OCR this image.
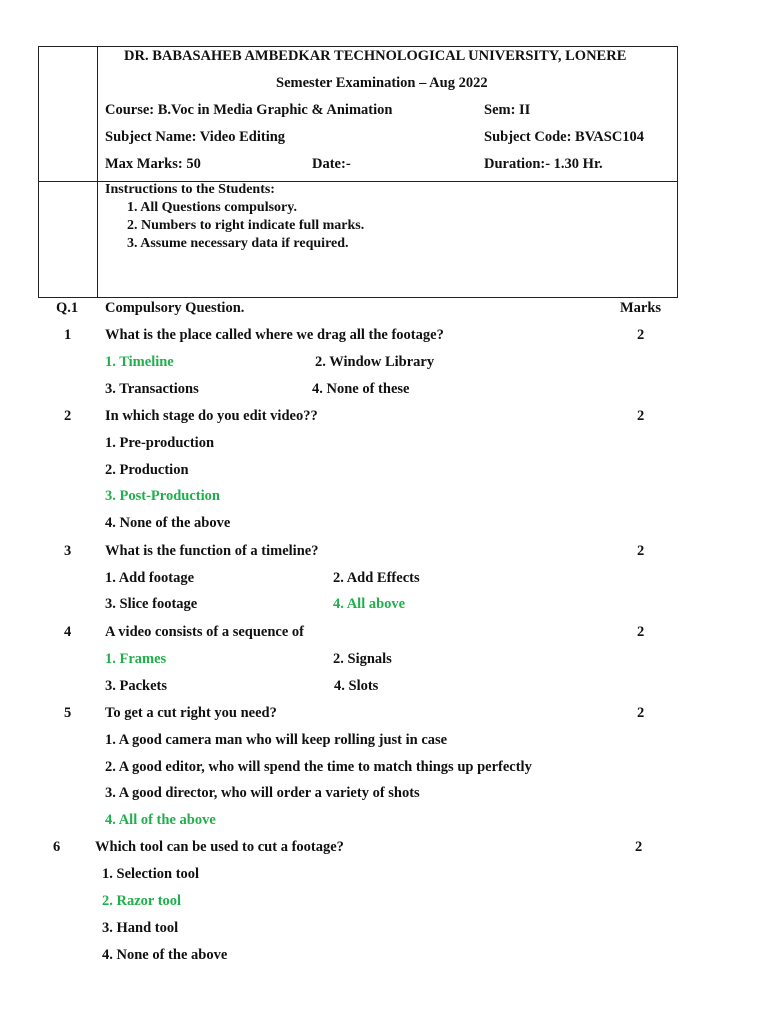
DR. BABASAHEB AMBEDKAR TECHNOLOGICAL UNIVERSITY, LONERE
Semester Examination – Aug 2022
Course: B.Voc in Media Graphic & Animation	Sem: II
Subject Name: Video Editing	Subject Code: BVASC104
Max Marks: 50	Date:-	Duration:- 1.30 Hr.
Instructions to the Students:
1. All Questions compulsory.
2. Numbers to right indicate full marks.
3. Assume necessary data if required.
Q.1 Compulsory Question.	Marks
1 What is the place called where we drag all the footage?	2
1. Timeline	2. Window Library
3. Transactions	4. None of these
2 In which stage do you edit video??	2
1. Pre-production
2. Production
3. Post-Production
4. None of the above
3 What is the function of a timeline?	2
1. Add footage	2. Add Effects
3. Slice footage	4. All above
4 A video consists of a sequence of	2
1. Frames	2. Signals
3. Packets	4. Slots
5 To get a cut right you need?	2
1. A good camera man who will keep rolling just in case
2. A good editor, who will spend the time to match things up perfectly
3. A good director, who will order a variety of shots
4. All of the above
6 Which tool can be used to cut a footage?	2
1. Selection tool
2. Razor tool
3. Hand tool
4. None of the above
